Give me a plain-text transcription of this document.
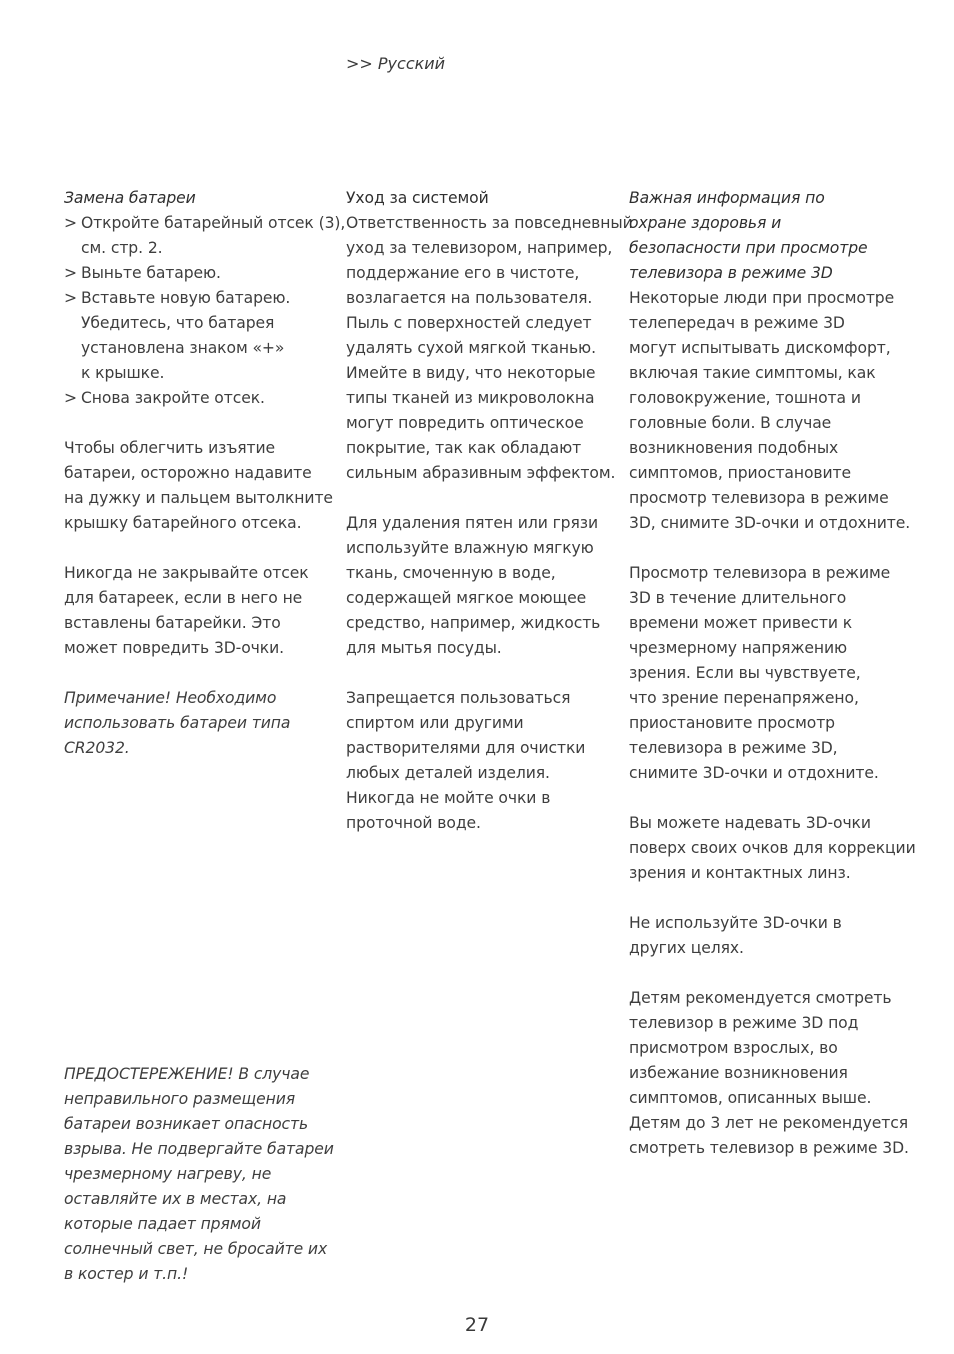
>> Русский
Замена батареи
> Откройте батарейный отсек (3),
см. стр. 2.
> Выньте батарею.
> Вставьте новую батарею.
Убедитесь, что батарея
установлена знаком «+»
к крышке.
> Снова закройте отсек.
Чтобы облегчить изъятие
батареи, осторожно надавите
на дужку и пальцем вытолкните
крышку батарейного отсека.
Никогда не закрывайте отсек
для батареек, если в него не
вставлены батарейки. Это
может повредить 3D-очки.
Примечание! Необходимо
использовать батареи типа
CR2032.
ПРЕДОСТЕРЕЖЕНИЕ! В случае
неправильного размещения
батареи возникает опасность
взрыва. Не подвергайте батареи
чрезмерному нагреву, не
оставляйте их в местах, на
которые падает прямой
солнечный свет, не бросайте их
в костер и т.п.!
Уход за системой
Ответственность за повседневный
уход за телевизором, например,
поддержание его в чистоте,
возлагается на пользователя.
Пыль с поверхностей следует
удалять сухой мягкой тканью.
Имейте в виду, что некоторые
типы тканей из микроволокна
могут повредить оптическое
покрытие, так как обладают
сильным абразивным эффектом.
Для удаления пятен или грязи
используйте влажную мягкую
ткань, смоченную в воде,
содержащей мягкое моющее
средство, например, жидкость
для мытья посуды.
Запрещается пользоваться
спиртом или другими
растворителями для очистки
любых деталей изделия.
Никогда не мойте очки в
проточной воде.
Важная информация по
охране здоровья и
безопасности при просмотре
телевизора в режиме 3D
Некоторые люди при просмотре
телепередач в режиме 3D
могут испытывать дискомфорт,
включая такие симптомы, как
головокружение, тошнота и
головные боли. В случае
возникновения подобных
симптомов, приостановите
просмотр телевизора в режиме
3D, снимите 3D-очки и отдохните.
Просмотр телевизора в режиме
3D в течение длительного
времени может привести к
чрезмерному напряжению
зрения. Если вы чувствуете,
что зрение перенапряжено,
приостановите просмотр
телевизора в режиме 3D,
снимите 3D-очки и отдохните.
Вы можете надевать 3D-очки
поверх своих очков для коррекции
зрения и контактных линз.
Не используйте 3D-очки в
других целях.
Детям рекомендуется смотреть
телевизор в режиме 3D под
присмотром взрослых, во
избежание возникновения
симптомов, описанных выше.
Детям до 3 лет не рекомендуется
смотреть телевизор в режиме 3D.
27
